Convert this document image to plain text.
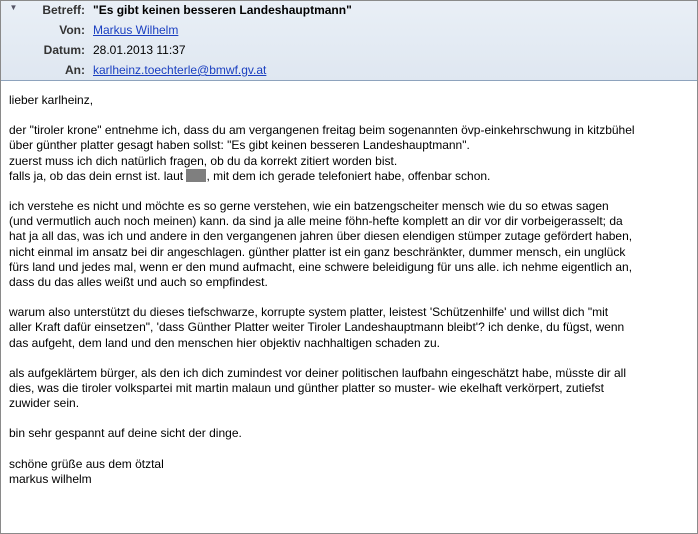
▼	Betreff: "Es gibt keinen besseren Landeshauptmann"
Von: Markus Wilhelm
Datum: 28.01.2013 11:37
An: karlheinz.toechterle@bmwf.gv.at

lieber karlheinz,

der "tiroler krone" entnehme ich, dass du am vergangenen freitag beim sogenannten övp-einkehrschwung in kitzbühel
über günther platter gesagt haben sollst: "Es gibt keinen besseren Landeshauptmann".
zuerst muss ich dich natürlich fragen, ob du da korrekt zitiert worden bist.
falls ja, ob das dein ernst ist. laut , mit dem ich gerade telefoniert habe, offenbar schon.

ich verstehe es nicht und möchte es so gerne verstehen, wie ein batzengscheiter mensch wie du so etwas sagen
(und vermutlich auch noch meinen) kann. da sind ja alle meine föhn-hefte komplett an dir vor dir vorbeigerasselt; da
hat ja all das, was ich und andere in den vergangenen jahren über diesen elendigen stümper zutage gefördert haben,
nicht einmal im ansatz bei dir angeschlagen. günther platter ist ein ganz beschränkter, dummer mensch, ein unglück
fürs land und jedes mal, wenn er den mund aufmacht, eine schwere beleidigung für uns alle. ich nehme eigentlich an,
dass du das alles weißt und auch so empfindest.

warum also unterstützt du dieses tiefschwarze, korrupte system platter, leistest 'Schützenhilfe' und willst dich "mit
aller Kraft dafür einsetzen", 'dass Günther Platter weiter Tiroler Landeshauptmann bleibt'? ich denke, du fügst, wenn
das aufgeht, dem land und den menschen hier objektiv nachhaltigen schaden zu.

als aufgeklärtem bürger, als den ich dich zumindest vor deiner politischen laufbahn eingeschätzt habe, müsste dir all
dies, was die tiroler volkspartei mit martin malaun und günther platter so muster- wie ekelhaft verkörpert, zutiefst
zuwider sein.

bin sehr gespannt auf deine sicht der dinge.

schöne grüße aus dem ötztal
markus wilhelm
